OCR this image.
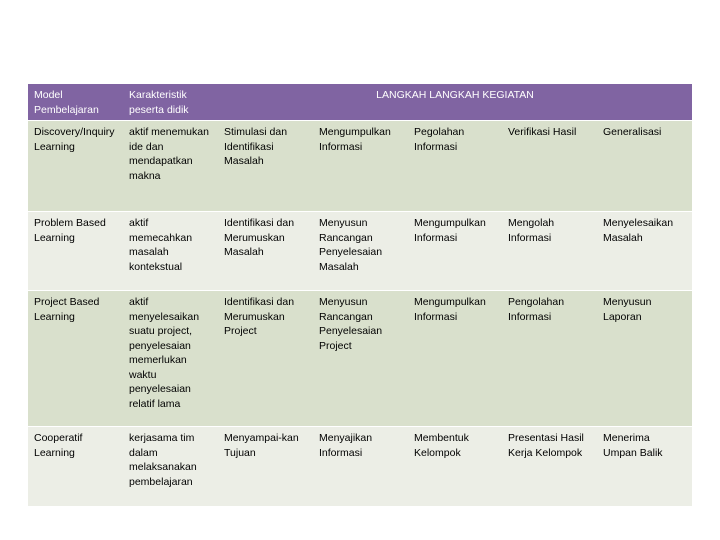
Model Pembelajaran	Karakteristik peserta didik	LANGKAH LANGKAH KEGIATAN				
Discovery/Inquiry Learning	aktif menemukan ide dan mendapatkan makna	Stimulasi dan Identifikasi Masalah	Mengumpulkan Informasi	Pegolahan Informasi	Verifikasi Hasil	Generalisasi
Problem Based Learning	aktif memecahkan masalah kontekstual	Identifikasi dan Merumuskan Masalah	Menyusun Rancangan Penyelesaian Masalah	Mengumpulkan Informasi	Mengolah Informasi	Menyelesaikan Masalah
Project Based Learning	aktif menyelesaikan suatu project, penyelesaian memerlukan waktu penyelesaian relatif lama	Identifikasi dan Merumuskan Project	Menyusun Rancangan Penyelesaian Project	Mengumpulkan Informasi	Pengolahan Informasi	Menyusun Laporan
Cooperatif Learning	kerjasama tim dalam melaksanakan pembelajaran	Menyampai-kan Tujuan	Menyajikan Informasi	Membentuk Kelompok	Presentasi Hasil Kerja Kelompok	Menerima Umpan Balik
